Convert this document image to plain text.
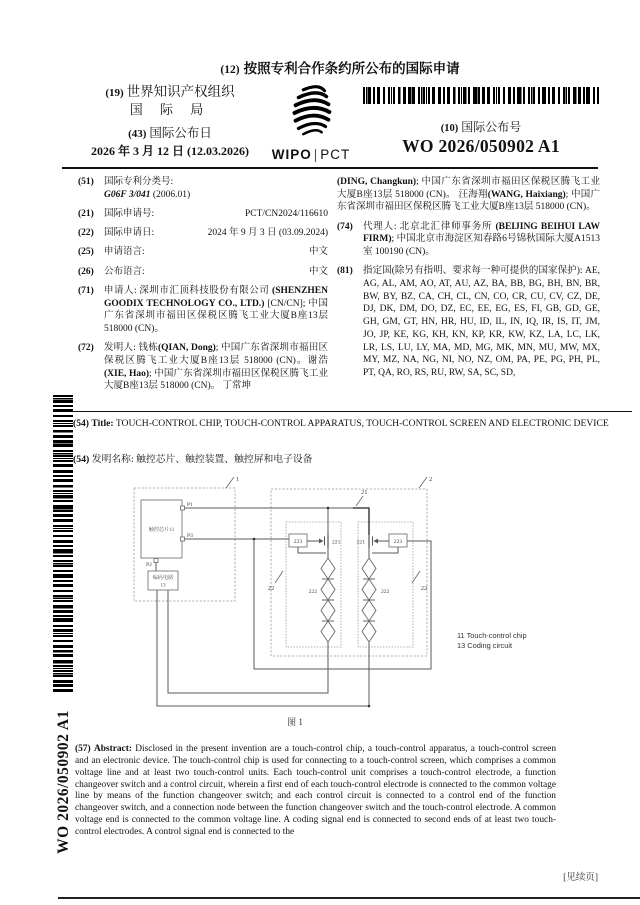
(12) 按照专利合作条约所公布的国际申请
(19) 世界知识产权组织
国 际 局
(43) 国际公布日
2026 年 3 月 12 日 (12.03.2026)	WIPO | PCT
(10) 国际公布号
WO 2026/050902 A1
(51)	国际专利分类号:
G06F 3/041 (2006.01)
(21)	国际申请号:	PCT/CN2024/116610
(22)	国际申请日:	2024 年 9 月 3 日 (03.09.2024)
(25)	申请语言:	中文
(26)	公布语言:	中文
(71)	申请人: 深圳市汇顶科技股份有限公司 (SHENZHEN GOODIX TECHNOLOGY CO., LTD.) [CN/CN]; 中国广东省深圳市福田区保税区腾飞工业大厦B座13层 518000 (CN)。
(72)	发明人: 钱栋(QIAN, Dong); 中国广东省深圳市福田区保税区腾飞工业大厦B座13层 518000 (CN)。谢浩(XIE, Hao); 中国广东省深圳市福田区保税区腾飞工业大厦B座13层 518000 (CN)。 丁常坤
(DING, Changkun); 中国广东省深圳市福田区保税区腾飞工业大厦B座13层 518000 (CN)。 汪海翔(WANG, Haixiang); 中国广东省深圳市福田区保税区腾飞工业大厦B座13层 518000 (CN)。
(74)	代理人: 北京北汇律师事务所 (BEIJING BEIHUI LAW FIRM); 中国北京市海淀区知春路6号锦秋国际大厦A1513室 100190 (CN)。
(81)	指定国(除另有指明、要求每一种可提供的国家保护): AE, AG, AL, AM, AO, AT, AU, AZ, BA, BB, BG, BH, BN, BR, BW, BY, BZ, CA, CH, CL, CN, CO, CR, CU, CV, CZ, DE, DJ, DK, DM, DO, DZ, EC, EE, EG, ES, FI, GB, GD, GE, GH, GM, GT, HN, HR, HU, ID, IL, IN, IQ, IR, IS, IT, JM, JO, JP, KE, KG, KH, KN, KP, KR, KW, KZ, LA, LC, LK, LR, LS, LU, LY, MA, MD, MG, MK, MN, MU, MW, MX, MY, MZ, NA, NG, NI, NO, NZ, OM, PA, PE, PG, PH, PL, PT, QA, RO, RS, RU, RW, SA, SC, SD,
WO 2026/050902 A1
(54) Title: TOUCH-CONTROL CHIP, TOUCH-CONTROL APPARATUS, TOUCH-CONTROL SCREEN AND ELECTRONIC DEVICE
(54) 发明名称: 触控芯片、触控装置、触控屏和电子设备
1	2
21
22	22
221	221
222	222
223	223
P1
P3
P2
触控芯片11
编码电路
13
11 Touch-control chip
13 Coding circuit
图 1
(57) Abstract: Disclosed in the present invention are a touch-control chip, a touch-control apparatus, a touch-control screen and an electronic device. The touch-control chip is used for connecting to a touch-control screen, which comprises a common voltage line and at least two touch-control units. Each touch-control unit comprises a touch-control electrode, a function changeover switch and a control circuit, wherein a first end of each touch-control electrode is connected to the common voltage line by means of the function changeover switch; and each control circuit is connected to a control end of the function changeover switch, and a connection node between the function changeover switch and the touch-control electrode. A common voltage end is connected to the common voltage line. A coding signal end is connected to second ends of at least two touch-control electrodes. A control signal end is connected to the
[见续页]
